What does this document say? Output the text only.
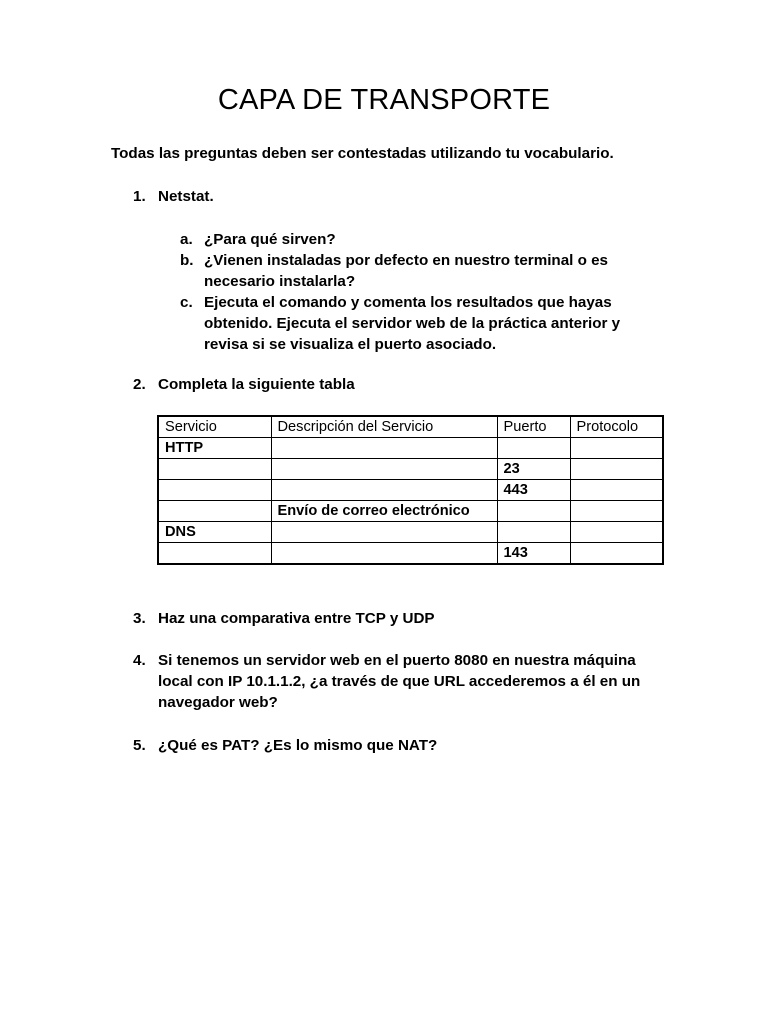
CAPA DE TRANSPORTE

Todas las preguntas deben ser contestadas utilizando tu vocabulario.

1. Netstat.
a. ¿Para qué sirven?
b. ¿Vienen instaladas por defecto en nuestro terminal o es
necesario instalarla?
c. Ejecuta el comando y comenta los resultados que hayas
obtenido. Ejecuta el servidor web de la práctica anterior y
revisa si se visualiza el puerto asociado.
2. Completa la siguiente tabla
Servicio	Descripción del Servicio	Puerto	Protocolo
HTTP			
		23	
		443	
	Envío de correo electrónico		
DNS			
		143	
3. Haz una comparativa entre TCP y UDP
4. Si tenemos un servidor web en el puerto 8080 en nuestra máquina
local con IP 10.1.1.2, ¿a través de que URL accederemos a él en un
navegador web?
5. ¿Qué es PAT? ¿Es lo mismo que NAT?
